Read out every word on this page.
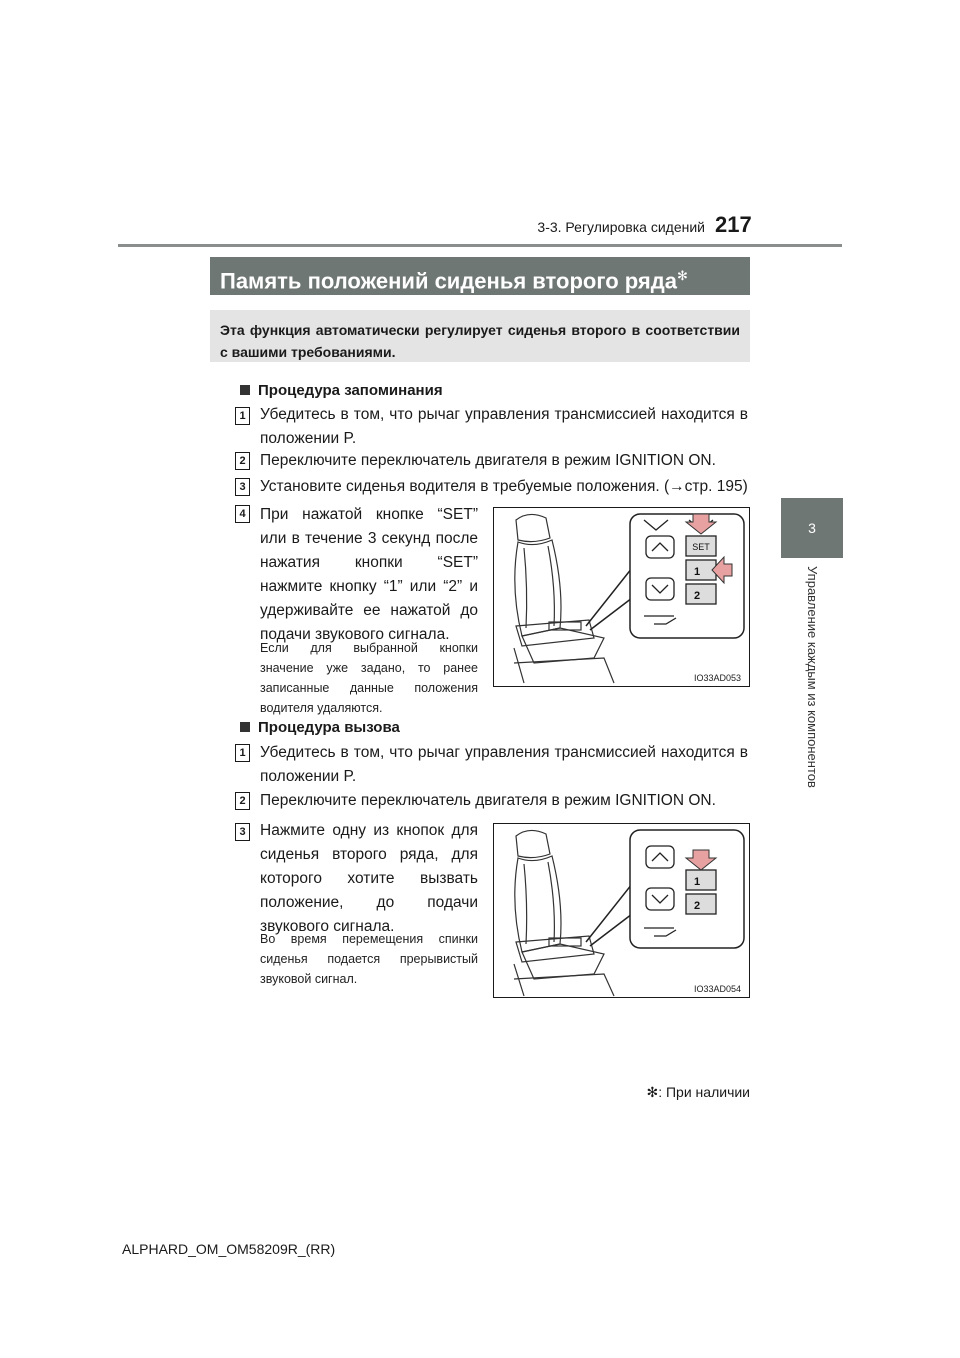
3-3. Регулировка сидений 217
3
Управление каждым из компонентов
Память положений сиденья второго ряда✻
Эта функция автоматически регулирует сиденья второго в соответствии с вашими требованиями.
Процедура запоминания
1 Убедитесь в том, что рычаг управления трансмиссией находится в положении P.
2 Переключите переключатель двигателя в режим IGNITION ON.
3 Установите сиденья водителя в требуемые положения. (→стр. 195)
4 При нажатой кнопке “SET” или в течение 3 секунд после нажатия кнопки “SET” нажмите кнопку “1” или “2” и удерживайте ее нажатой до подачи звукового сигнала.
Если для выбранной кнопки значение уже задано, то ранее записанные данные положения водителя удаляются.
SET
1
2
IO33AD053
Процедура вызова
1 Убедитесь в том, что рычаг управления трансмиссией находится в положении P.
2 Переключите переключатель двигателя в режим IGNITION ON.
3 Нажмите одну из кнопок для сиденья второго ряда, для которого хотите вызвать положение, до подачи звукового сигнала.
Во время перемещения спинки сиденья подается прерывистый звуковой сигнал.
1
2
IO33AD054
✻: При наличии
ALPHARD_OM_OM58209R_(RR)
